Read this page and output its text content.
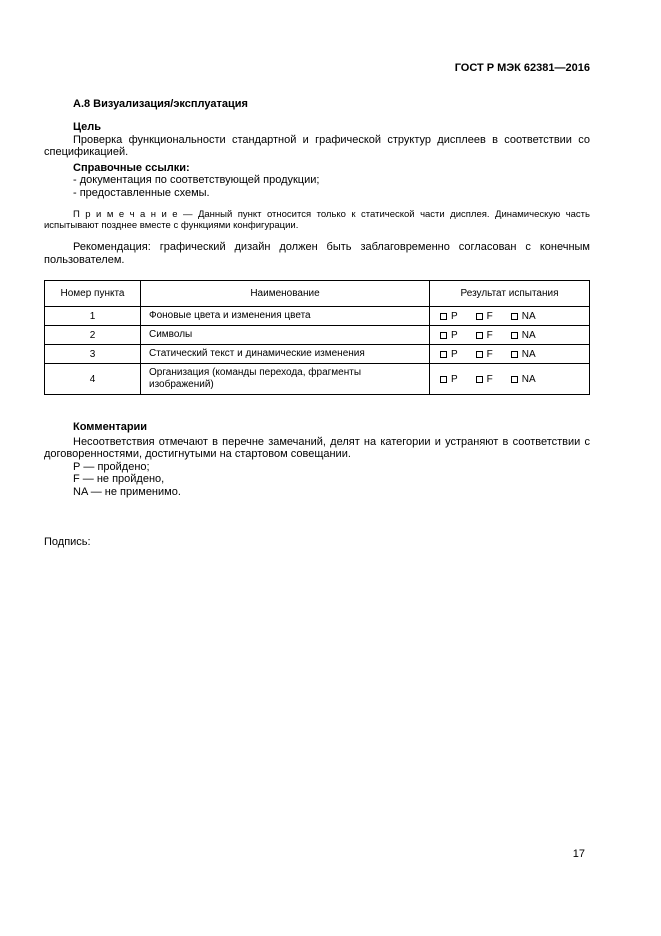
ГОСТ Р МЭК 62381—2016

А.8 Визуализация/эксплуатация

Цель

Проверка функциональности стандартной и графической структур дисплеев в соответствии со спецификацией.

Справочные ссылки:

- документация по соответствующей продукции;

- предоставленные схемы.

П р и м е ч а н и е — Данный пункт относится только к статической части дисплея. Динамическую часть испытывают позднее вместе с функциями конфигурации.

Рекомендация: графический дизайн должен быть заблаговременно согласован с конечным пользователем.

Номер пункта	Наименование	Результат испытания
1	Фоновые цвета и изменения цвета	P F NA

2	Символы	P F NA

3	Статический текст и динамические изменения	P F NA

4	Организация (команды перехода, фрагменты изображений)	P F NA

Комментарии

Несоответствия отмечают в перечне замечаний, делят на категории и устраняют в соответствии с договоренностями, достигнутыми на стартовом совещании.

Р — пройдено;

F — не пройдено,

NA — не применимо.

Подпись:

17
